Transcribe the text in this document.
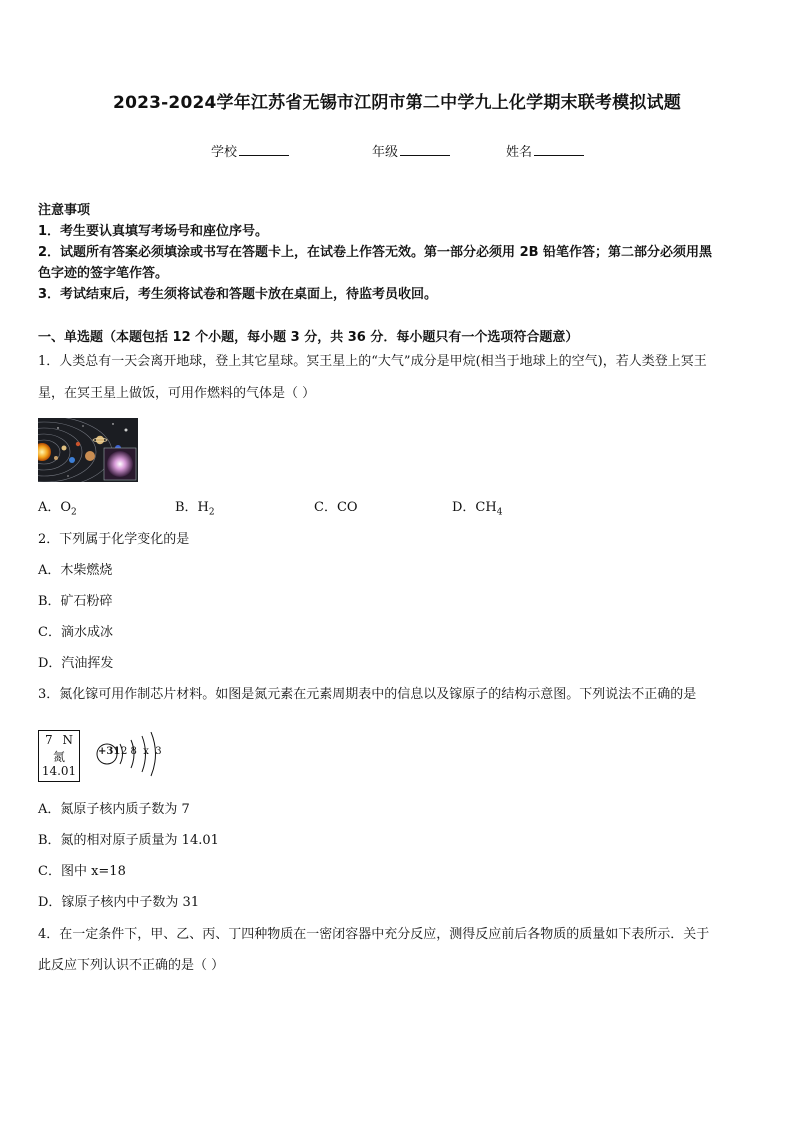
2023-2024学年江苏省无锡市江阴市第二中学九上化学期末联考模拟试题
学校	年级	姓名
注意事项
1．考生要认真填写考场号和座位序号。
2．试题所有答案必须填涂或书写在答题卡上，在试卷上作答无效。第一部分必须用 2B 铅笔作答；第二部分必须用黑
色字迹的签字笔作答。
3．考试结束后，考生须将试卷和答题卡放在桌面上，待监考员收回。
一、单选题（本题包括 12 个小题，每小题 3 分，共 36 分．每小题只有一个选项符合题意）
1．人类总有一天会离开地球，登上其它星球。冥王星上的“大气”成分是甲烷(相当于地球上的空气)，若人类登上冥王
星，在冥王星上做饭，可用作燃料的气体是（ ）
A．$O_2$	B．$H_2$	C．CO	D．$CH_4$
2．下列属于化学变化的是
A．木柴燃烧
B．矿石粉碎
C．滴水成冰
D．汽油挥发
3．氮化镓可用作制芯片材料。如图是氮元素在元素周期表中的信息以及镓原子的结构示意图。下列说法不正确的是
7 N
氮
14.01
+31 2 8  x  3
A．氮原子核内质子数为 7
B．氮的相对原子质量为 14.01
C．图中 x=18
D．镓原子核内中子数为 31
4．在一定条件下，甲、乙、丙、丁四种物质在一密闭容器中充分反应，测得反应前后各物质的质量如下表所示．关于
此反应下列认识不正确的是（ ）
